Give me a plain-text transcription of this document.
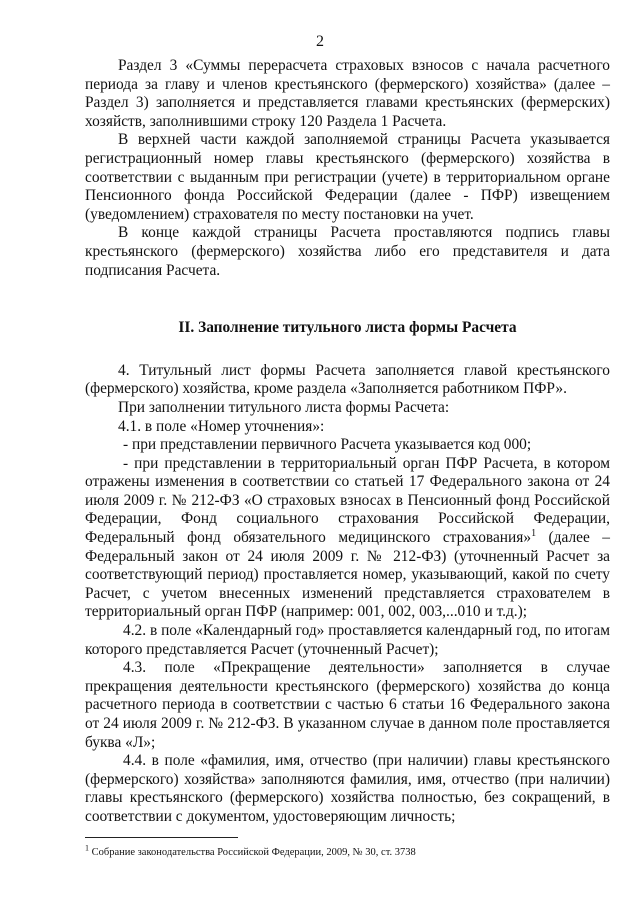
2

Раздел 3 «Суммы перерасчета страховых взносов с начала расчетного периода за главу и членов крестьянского (фермерского) хозяйства» (далее – Раздел 3) заполняется и представляется главами крестьянских (фермерских) хозяйств, заполнившими строку 120 Раздела 1 Расчета.

В верхней части каждой заполняемой страницы Расчета указывается регистрационный номер главы крестьянского (фермерского) хозяйства в соответствии с выданным при регистрации (учете) в территориальном органе Пенсионного фонда Российской Федерации (далее - ПФР) извещением (уведомлением) страхователя по месту постановки на учет.

В конце каждой страницы Расчета проставляются подпись главы крестьянского (фермерского) хозяйства либо его представителя и дата подписания Расчета.

II. Заполнение титульного листа формы Расчета

4. Титульный лист формы Расчета заполняется главой крестьянского (фермерского) хозяйства, кроме раздела «Заполняется работником ПФР».

При заполнении титульного листа формы Расчета:

4.1. в поле «Номер уточнения»:

- при представлении первичного Расчета указывается код 000;

- при представлении в территориальный орган ПФР Расчета, в котором отражены изменения в соответствии со статьей 17 Федерального закона от 24 июля 2009 г. № 212-ФЗ «О страховых взносах в Пенсионный фонд Российской Федерации, Фонд социального страхования Российской Федерации, Федеральный фонд обязательного медицинского страхования»$^1$ (далее – Федеральный закон от 24 июля 2009 г. № 212-ФЗ) (уточненный Расчет за соответствующий период) проставляется номер, указывающий, какой по счету Расчет, с учетом внесенных изменений представляется страхователем в территориальный орган ПФР (например: 001, 002, 003,...010 и т.д.);

4.2. в поле «Календарный год» проставляется календарный год, по итогам которого представляется Расчет (уточненный Расчет);

4.3. поле «Прекращение деятельности» заполняется в случае прекращения деятельности крестьянского (фермерского) хозяйства до конца расчетного периода в соответствии с частью 6 статьи 16 Федерального закона от 24 июля 2009 г. № 212-ФЗ. В указанном случае в данном поле проставляется буква «Л»;

4.4. в поле «фамилия, имя, отчество (при наличии) главы крестьянского (фермерского) хозяйства» заполняются фамилия, имя, отчество (при наличии) главы крестьянского (фермерского) хозяйства полностью, без сокращений, в соответствии с документом, удостоверяющим личность;

$^1$ Собрание законодательства Российской Федерации, 2009, № 30, ст. 3738
